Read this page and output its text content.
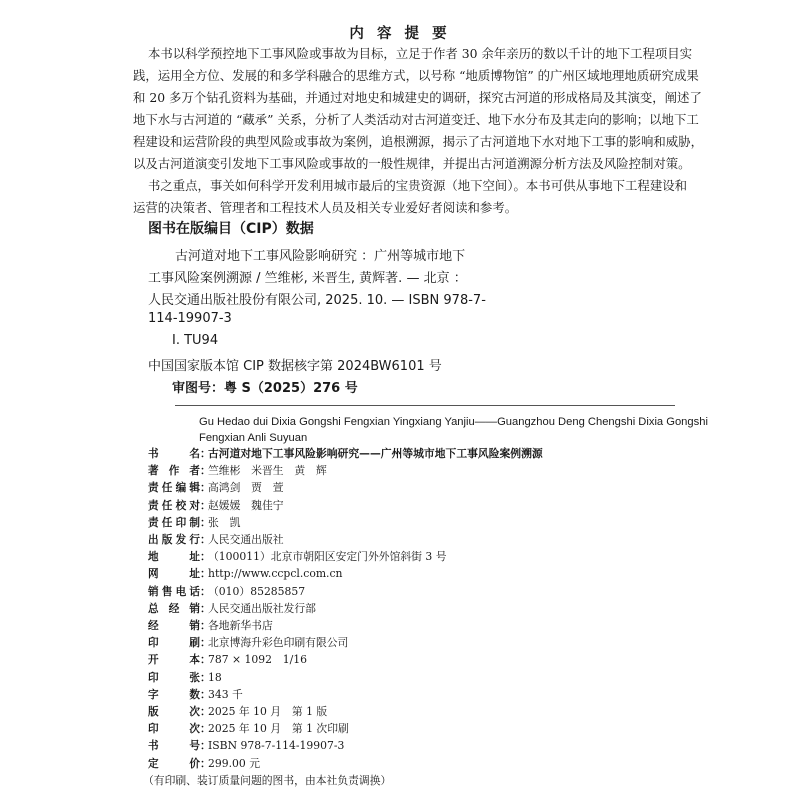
内 容 提 要
本书以科学预控地下工事风险或事故为目标，立足于作者 30 余年亲历的数以千计的地下工程项目实
践，运用全方位、发展的和多学科融合的思维方式，以号称 “地质博物馆” 的广州区域地理地质研究成果
和 20 多万个钻孔资料为基础，并通过对地史和城建史的调研，探究古河道的形成格局及其演变，阐述了
地下水与古河道的 “藏承” 关系，分析了人类活动对古河道变迁、地下水分布及其走向的影响；以地下工
程建设和运营阶段的典型风险或事故为案例，追根溯源，揭示了古河道地下水对地下工事的影响和威胁，
以及古河道演变引发地下工事风险或事故的一般性规律，并提出古河道溯源分析方法及风险控制对策。
书之重点，事关如何科学开发利用城市最后的宝贵资源（地下空间）。本书可供从事地下工程建设和
运营的决策者、管理者和工程技术人员及相关专业爱好者阅读和参考。
图书在版编目（CIP）数据
古河道对地下工事风险影响研究 ：广州等城市地下
工事风险案例溯源 / 竺维彬, 米晋生, 黄辉著. — 北京 ：
人民交通出版社股份有限公司, 2025. 10. — ISBN 978-7-
114-19907-3
Ⅰ. TU94
中国国家版本馆 CIP 数据核字第 2024BW6101 号
审图号：粤 S（2025）276 号
Gu Hedao dui Dixia Gongshi Fengxian Yingxiang Yanjiu——Guangzhou Deng Chengshi Dixia Gongshi
Fengxian Anli Suyuan
书名：古河道对地下工事风险影响研究——广州等城市地下工事风险案例溯源
著作者：竺维彬　米晋生　黄　辉
责任编辑：高鸿剑　贾　萱
责任校对：赵媛媛　魏佳宁
责任印制：张　凯
出版发行：人民交通出版社
地址：（100011）北京市朝阳区安定门外外馆斜街 3 号
网址：http://www.ccpcl.com.cn
销售电话：（010）85285857
总经销：人民交通出版社发行部
经销：各地新华书店
印刷：北京博海升彩色印刷有限公司
开本：787 × 1092　1/16
印张：18
字数：343 千
版次：2025 年 10 月　第 1 版
印次：2025 年 10 月　第 1 次印刷
书号：ISBN 978-7-114-19907-3
定价：299.00 元
（有印刷、装订质量问题的图书，由本社负责调换）
